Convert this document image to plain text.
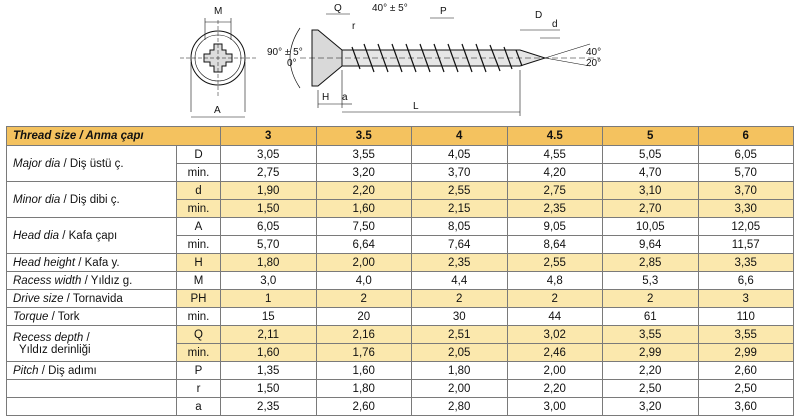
M
A
Q
r
40° ± 5°	P	D
d
90° ± 5°
0°
H a
L
40°
20°
Thread size / Anma çapı		3	3.5	4	4.5	5	6
Major dia / Diş üstü ç.	D	3,05	3,55	4,05	4,55	5,05	6,05
	min.	2,75	3,20	3,70	4,20	4,70	5,70
Minor dia / Diş dibi ç.	d	1,90	2,20	2,55	2,75	3,10	3,70
	min.	1,50	1,60	2,15	2,35	2,70	3,30
Head dia / Kafa çapı	A	6,05	7,50	8,05	9,05	10,05	12,05
	min.	5,70	6,64	7,64	8,64	9,64	11,57
Head height / Kafa y.	H	1,80	2,00	2,35	2,55	2,85	3,35
Racess width / Yıldız g.	M	3,0	4,0	4,4	4,8	5,3	6,6
Drive size / Tornavida	PH	1	2	2	2	2	3
Torque / Tork	min.	15	20	30	44	61	110
Recess depth /
Yıldız derinliği	Q	2,11	2,16	2,51	3,02	3,55	3,55
	min.	1,60	1,76	2,05	2,46	2,99	2,99
Pitch / Diş adımı	P	1,35	1,60	1,80	2,00	2,20	2,60
	r	1,50	1,80	2,00	2,20	2,50	2,50
	a	2,35	2,60	2,80	3,00	3,20	3,60
